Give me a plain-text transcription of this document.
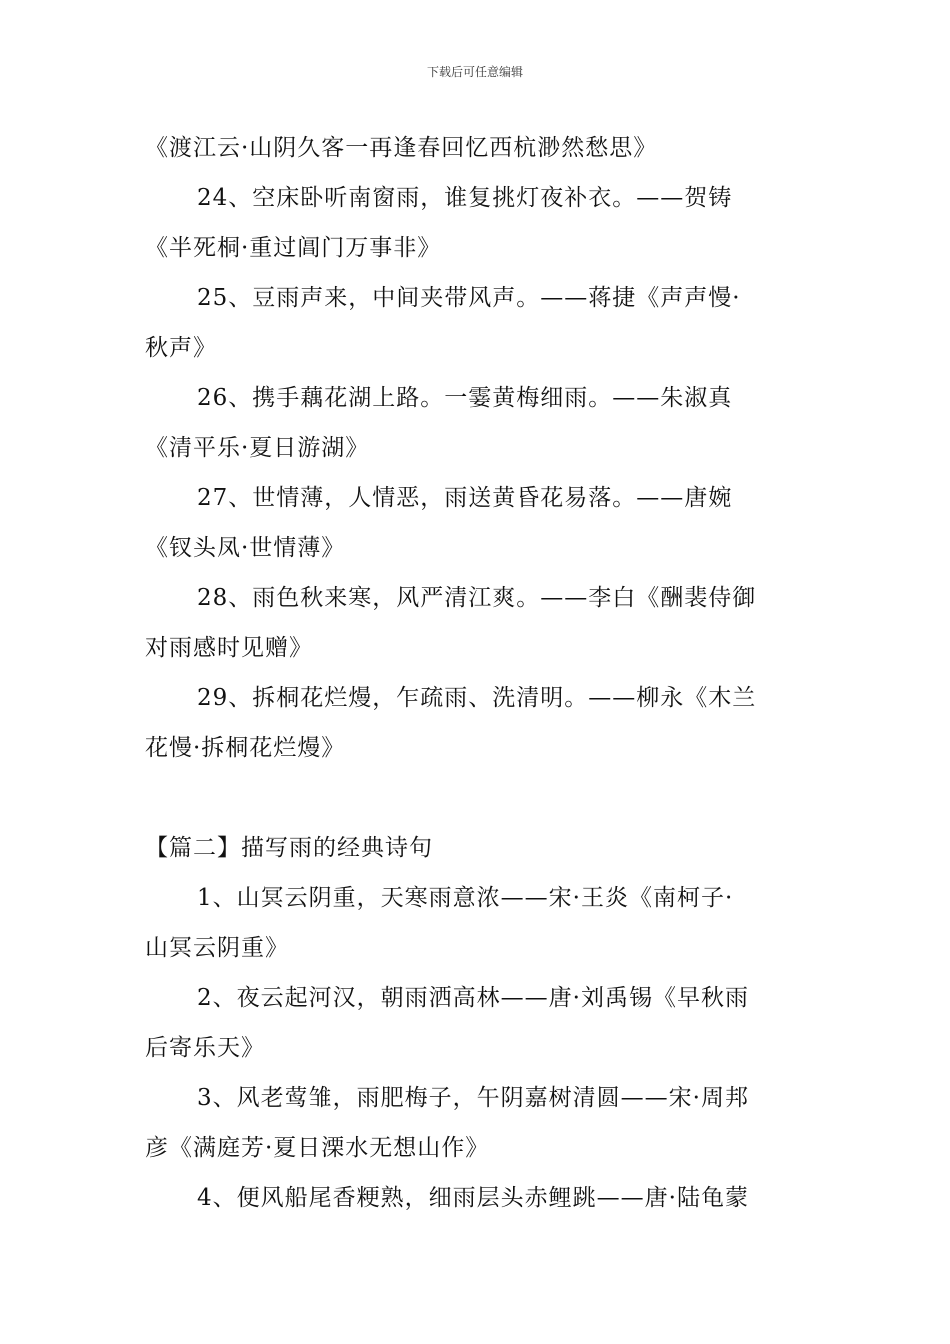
下载后可任意编辑
《渡江云·山阴久客一再逢春回忆西杭渺然愁思》
24、空床卧听南窗雨，谁复挑灯夜补衣。——贺铸
《半死桐·重过阊门万事非》
25、豆雨声来，中间夹带风声。——蒋捷《声声慢·
秋声》
26、携手藕花湖上路。一霎黄梅细雨。——朱淑真
《清平乐·夏日游湖》
27、世情薄，人情恶，雨送黄昏花易落。——唐婉
《钗头凤·世情薄》
28、雨色秋来寒，风严清江爽。——李白《酬裴侍御
对雨感时见赠》
29、拆桐花烂熳，乍疏雨、洗清明。——柳永《木兰
花慢·拆桐花烂熳》
【篇二】描写雨的经典诗句
1、山冥云阴重，天寒雨意浓——宋·王炎《南柯子·
山冥云阴重》
2、夜云起河汉，朝雨洒高林——唐·刘禹锡《早秋雨
后寄乐天》
3、风老莺雏，雨肥梅子，午阴嘉树清圆——宋·周邦
彦《满庭芳·夏日溧水无想山作》
4、便风船尾香粳熟，细雨层头赤鲤跳——唐·陆龟蒙
